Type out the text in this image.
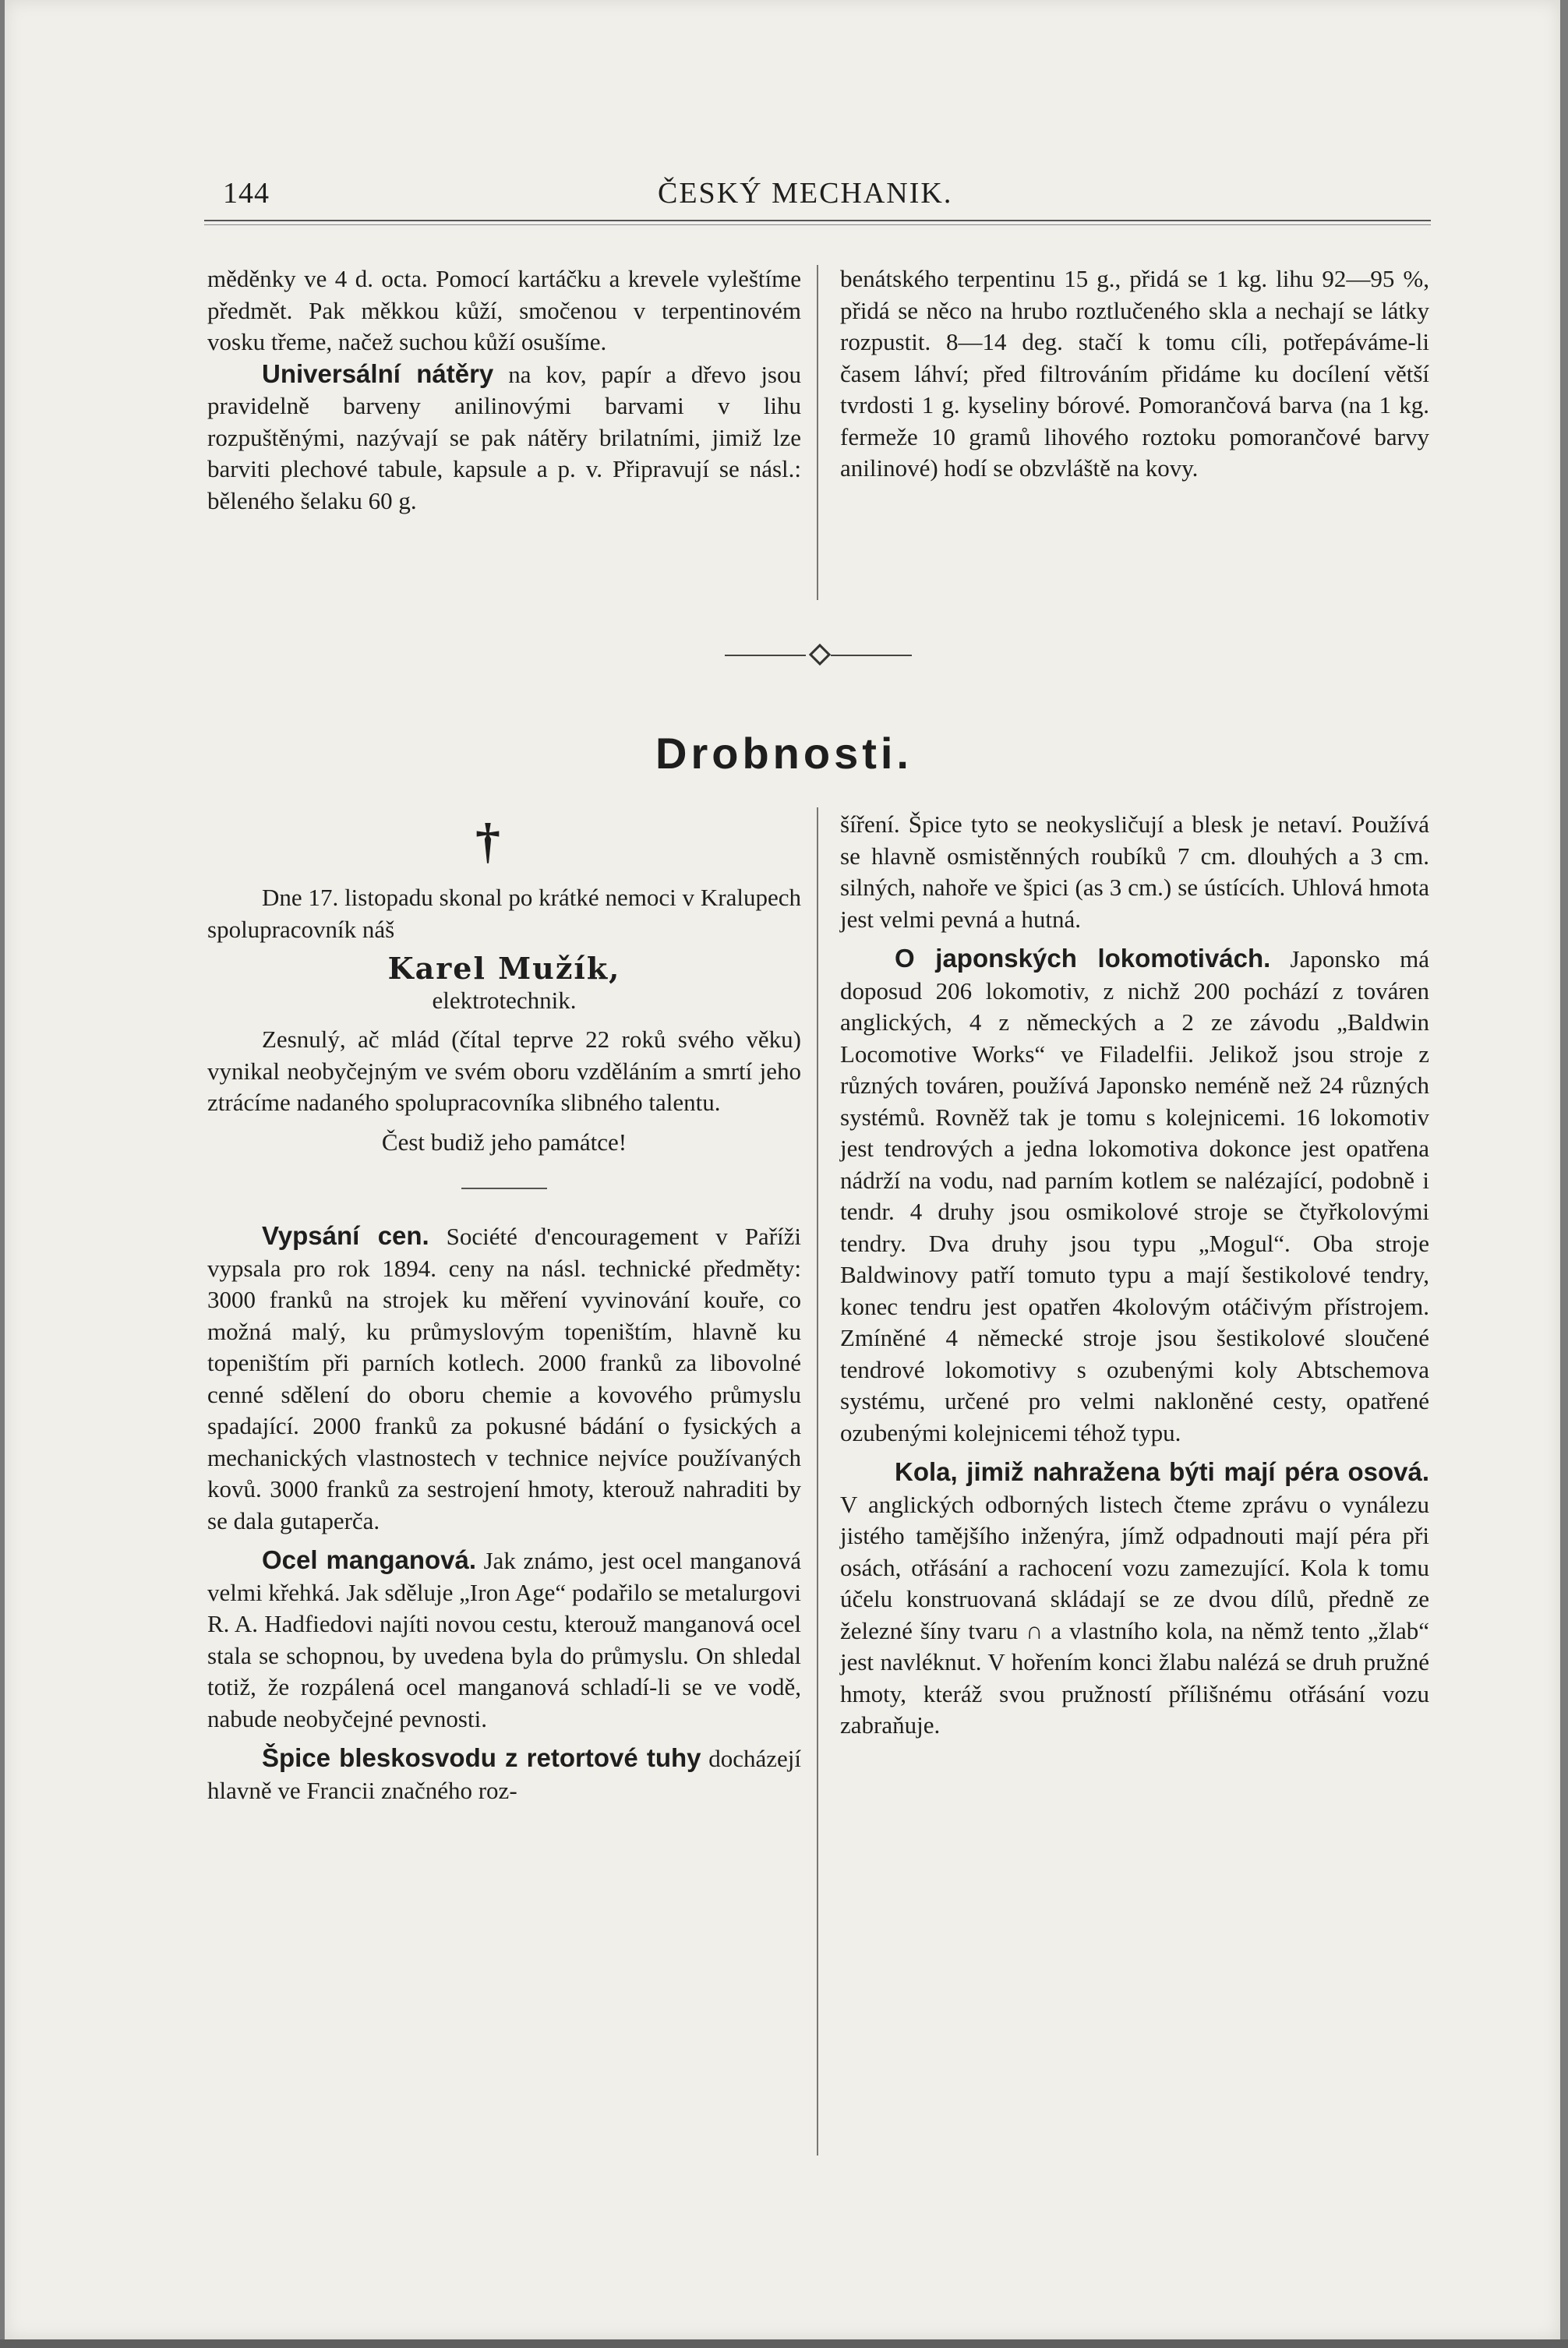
144	ČESKÝ MECHANIK.

měděnky ve 4 d. octa. Pomocí kartáčku a krevele vyleštíme předmět. Pak měkkou kůží, smočenou v terpentinovém vosku třeme, načež suchou kůží osušíme.

Universální nátěry na kov, papír a dřevo jsou pravidelně barveny anilinovými barvami v lihu rozpuštěnými, nazývají se pak nátěry brilatními, jimiž lze barviti plechové tabule, kapsule a p. v. Připravují se násl.: běleného šelaku 60 g.

benátského terpentinu 15 g., přidá se 1 kg. lihu 92—95 %, přidá se něco na hrubo roztlučeného skla a nechají se látky rozpustit. 8—14 deg. stačí k tomu cíli, potřepáváme-li časem láhví; před filtrováním přidáme ku docílení větší tvrdosti 1 g. kyseliny bórové. Pomorančová barva (na 1 kg. fermeže 10 gramů lihového roztoku pomorančové barvy anilinové) hodí se obzvláště na kovy.

Drobnosti.
†

Dne 17. listopadu skonal po krátké nemoci v Kralupech spolupracovník náš

Karel Mužík,

elektrotechnik.

Zesnulý, ač mlád (čítal teprve 22 roků svého věku) vynikal neobyčejným ve svém oboru vzděláním a smrtí jeho ztrácíme nadaného spolupracovníka slibného talentu.

Čest budiž jeho památce!

Vypsání cen. Société d'encouragement v Paříži vypsala pro rok 1894. ceny na násl. technické předměty: 3000 franků na strojek ku měření vyvinování kouře, co možná malý, ku průmyslovým topeništím, hlavně ku topeništím při parních kotlech. 2000 franků za libovolné cenné sdělení do oboru chemie a kovového průmyslu spadající. 2000 franků za pokusné bádání o fysických a mechanických vlastnostech v technice nejvíce používaných kovů. 3000 franků za sestrojení hmoty, kterouž nahraditi by se dala gutaperča.

Ocel manganová. Jak známo, jest ocel manganová velmi křehká. Jak sděluje „Iron Age“ podařilo se metalurgovi R. A. Hadfiedovi najíti novou cestu, kterouž manganová ocel stala se schopnou, by uvedena byla do průmyslu. On shledal totiž, že rozpálená ocel manganová schladí-li se ve vodě, nabude neobyčejné pevnosti.

Špice bleskosvodu z retortové tuhy docházejí hlavně ve Francii značného roz-

šíření. Špice tyto se neokysličují a blesk je netaví. Používá se hlavně osmistěnných roubíků 7 cm. dlouhých a 3 cm. silných, nahoře ve špici (as 3 cm.) se ústících. Uhlová hmota jest velmi pevná a hutná.

O japonských lokomotivách. Japonsko má doposud 206 lokomotiv, z nichž 200 pochází z továren anglických, 4 z německých a 2 ze závodu „Baldwin Locomotive Works“ ve Filadelfii. Jelikož jsou stroje z různých továren, používá Japonsko neméně než 24 různých systémů. Rovněž tak je tomu s kolejnicemi. 16 lokomotiv jest tendrových a jedna lokomotiva dokonce jest opatřena nádrží na vodu, nad parním kotlem se nalézající, podobně i tendr. 4 druhy jsou osmikolové stroje se čtyřkolovými tendry. Dva druhy jsou typu „Mogul“. Oba stroje Baldwinovy patří tomuto typu a mají šestikolové tendry, konec tendru jest opatřen 4kolovým otáčivým přístrojem. Zmíněné 4 německé stroje jsou šestikolové sloučené tendrové lokomotivy s ozubenými koly Abtschemova systému, určené pro velmi nakloněné cesty, opatřené ozubenými kolejnicemi téhož typu.

Kola, jimiž nahražena býti mají péra osová. V anglických odborných listech čteme zprávu o vynálezu jistého tamějšího inženýra, jímž odpadnouti mají péra při osách, otřásání a rachocení vozu zamezující. Kola k tomu účelu konstruovaná skládají se ze dvou dílů, předně ze železné šíny tvaru ∩ a vlastního kola, na němž tento „žlab“ jest navléknut. V hořením konci žlabu nalézá se druh pružné hmoty, kteráž svou pružností přílišnému otřásání vozu zabraňuje.
